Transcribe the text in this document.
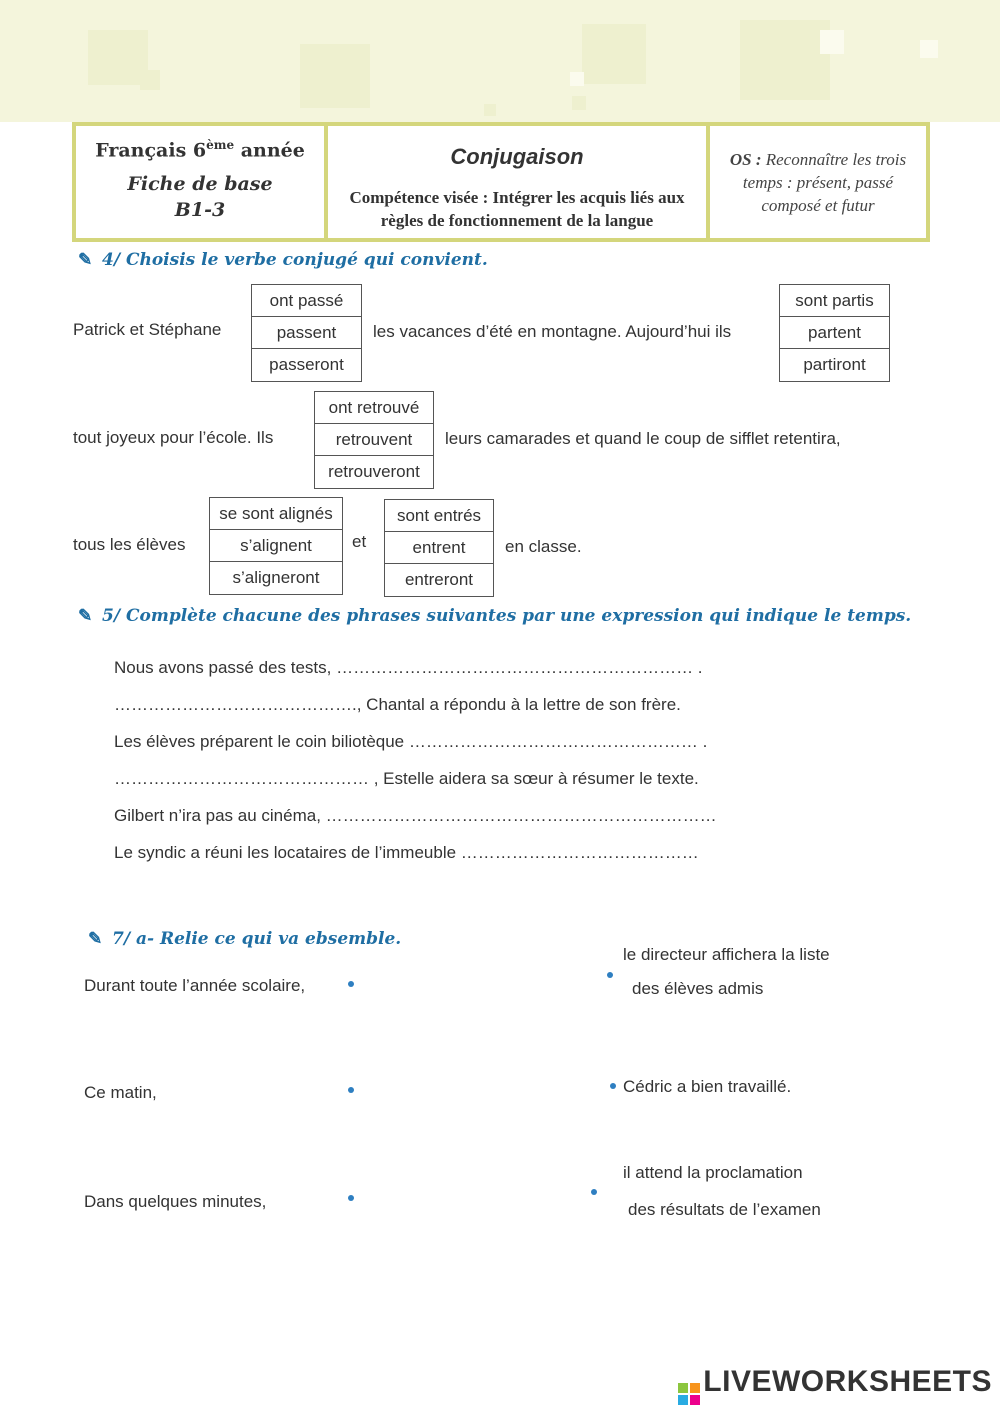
Français 6ème année
Fiche de base
B1-3
Conjugaison
Compétence visée : Intégrer les acquis liés aux règles de fonctionnement de la langue
OS : Reconnaître les trois temps : présent, passé composé et futur
✎ 4/ Choisis le verbe conjugé qui convient.
ont passé
passent
passeront
Patrick et Stéphane	les vacances d’été en montagne. Aujourd’hui ils
sont partis
partent
partiront
tout joyeux pour l’école. Ils
ont retrouvé
retrouvent
retrouveront
leurs camarades et quand le coup de sifflet retentira,
tous les élèves
se sont alignés
s’alignent
s’aligneront
et
sont entrés
entrent
entreront
en classe.
✎ 5/ Complète chacune des phrases suivantes par une expression qui indique le temps.
Nous avons passé des tests, ……………………………………………………… .
……………………………………., Chantal a répondu à la lettre de son frère.
Les élèves préparent le coin biliotèque …………………………………………… .
……………………………………… , Estelle aidera sa sœur à résumer le texte.
Gilbert n’ira pas au cinéma, ……………………………………………………………
Le syndic a réuni les locataires de l’immeuble ……………………………………
✎ 7/ a- Relie ce qui va ebsemble.
Durant toute l’année scolaire,
le directeur affichera la liste
des élèves admis
Ce matin,	Cédric a bien travaillé.
Dans quelques minutes,
il attend la proclamation
des résultats de l’examen
LIVEWORKSHEETS
